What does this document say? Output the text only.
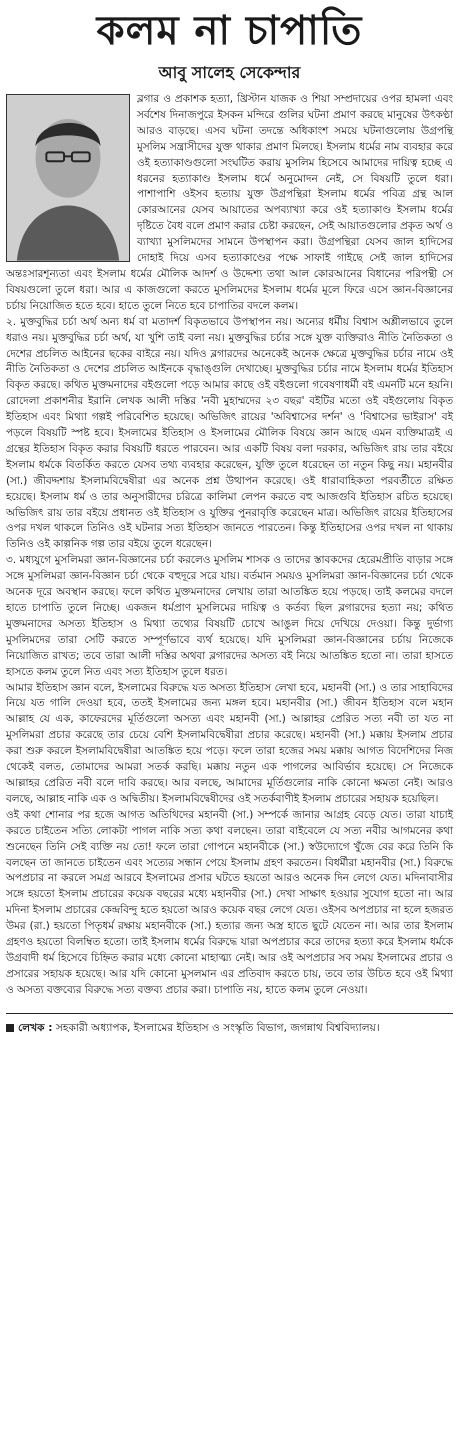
কলম না চাপাতি
আবু সালেহ সেকেন্দার

ব্লগার ও প্রকাশক হত্যা, খ্রিস্টান যাজক ও শিয়া সম্প্রদায়ের ওপর হামলা এবং সর্বশেষ দিনাজপুরে ইসকন মন্দিরে গুলির ঘটনা প্রমাণ করছে মানুষের উৎকণ্ঠা আরও বাড়ছে। এসব ঘটনা তদন্তে অধিকাংশ সময়ে ঘটনাগুলোয় উগ্রপন্থি মুসলিম সন্ত্রাসীদের যুক্ত থাকার প্রমাণ মিলছে। ইসলাম ধর্মের নাম ব্যবহার করে ওই হত্যাকাণ্ডগুলো সংঘটিত করায় মুসলিম হিসেবে আমাদের দায়িত্ব হচ্ছে এ ধরনের হত্যাকাণ্ড ইসলাম ধর্মে অনুমোদন নেই, সে বিষয়টি তুলে ধরা। পাশাপাশি ওইসব হত্যায় যুক্ত উগ্রপন্থিরা ইসলাম ধর্মের পবিত্র গ্রন্থ আল কোরআনের যেসব আয়াতের অপব্যাখ্যা করে ওই হত্যাকাণ্ড ইসলাম ধর্মের দৃষ্টিতে বৈধ বলে প্রমাণ করার চেষ্টা করছেন, সেই আয়াতগুলোর প্রকৃত অর্থ ও ব্যাখ্যা মুসলিমদের সামনে উপস্থাপন করা। উগ্রপন্থিরা যেসব জাল হাদিসের দোহাই দিয়ে এসব হত্যাকাণ্ডের পক্ষে সাফাই গাইছে সেই জাল হাদিসের অন্তঃসারশূন্যতা এবং ইসলাম ধর্মের মৌলিক আদর্শ ও উদ্দেশ্য তথা আল কোরআনের বিধানের পরিপন্থী সে বিষয়গুলো তুলে ধরা। আর এ কাজগুলো করতে মুসলিমদের ইসলাম ধর্মের মূলে ফিরে এসে জ্ঞান-বিজ্ঞানের চর্চায় নিয়োজিত হতে হবে। হাতে তুলে নিতে হবে চাপাতির বদলে কলম।

২. মুক্তবুদ্ধির চর্চা অর্থ অন্য ধর্ম বা মতাদর্শ বিকৃতভাবে উপস্থাপন নয়। অন্যের ধর্মীয় বিশ্বাস অশ্লীলভাবে তুলে ধরাও নয়। মুক্তবুদ্ধির চর্চা অর্থ, যা খুশি তাই বলা নয়। মুক্তবুদ্ধির চর্চার সঙ্গে যুক্ত ব্যক্তিরাও নীতি নৈতিকতা ও দেশের প্রচলিত আইনের ছকের বাইরে নয়। যদিও ব্লগারদের অনেকেই অনেক ক্ষেত্রে মুক্তবুদ্ধির চর্চার নামে ওই নীতি নৈতিকতা ও দেশের প্রচলিত আইনকে বৃদ্ধাঙ্গুলি দেখাচ্ছে। মুক্তবুদ্ধির চর্চার নামে ইসলাম ধর্মের ইতিহাস বিকৃত করছে। কথিত মুক্তমনাদের বইগুলো পড়ে আমার কাছে ওই বইগুলো গবেষণাধর্মী বই এমনটি মনে হয়নি। রোদেলা প্রকাশনীর ইরানি লেখক আলী দস্তির 'নবী মুহাম্মদের ২৩ বছর' বইটির মতো ওই বইগুলোয় বিকৃত ইতিহাস এবং মিথ্যা গল্পই পরিবেশিত হয়েছে। অভিজিৎ রায়ের 'অবিশ্বাসের দর্শন' ও 'বিশ্বাসের ভাইরাস' বই পড়লে বিষয়টি স্পষ্ট হবে। ইসলামের ইতিহাস ও ইসলামের মৌলিক বিষয়ে জ্ঞান আছে এমন ব্যক্তিমাত্রই এ গ্রন্থের ইতিহাস বিকৃত করার বিষয়টি ধরতে পারবেন। আর একটি বিষয় বলা দরকার, অভিজিৎ রায় তার বইয়ে ইসলাম ধর্মকে বিতর্কিত করতে যেসব তথ্য ব্যবহার করেছেন, যুক্তি তুলে ধরেছেন তা নতুন কিছু নয়। মহানবীর (সা.) জীবদ্দশায় ইসলামবিদ্বেষীরা এর অনেক প্রশ্ন উত্থাপন করেছে। ওই ধারাবাহিকতা পরবর্তীতে রক্ষিত হয়েছে। ইসলাম ধর্ম ও তার অনুসারীদের চরিত্রে কালিমা লেপন করতে বহু আজগুবি ইতিহাস রচিত হয়েছে। অভিজিৎ রায় তার বইয়ে প্রধানত ওই ইতিহাস ও যুক্তির পুনরাবৃত্তি করেছেন মাত্র। অভিজিৎ রায়ের ইতিহাসের ওপর দখল থাকলে তিনিও ওই ঘটনার সত্য ইতিহাস জানতে পারতেন। কিন্তু ইতিহাসের ওপর দখল না থাকায় তিনিও ওই কাল্পনিক গল্প তার বইয়ে তুলে ধরেছেন।

৩. মধ্যযুগে মুসলিমরা জ্ঞান-বিজ্ঞানের চর্চা করলেও মুসলিম শাসক ও তাদের স্তাবকদের হেরেমপ্রীতি বাড়ার সঙ্গে সঙ্গে মুসলিমরা জ্ঞান-বিজ্ঞান চর্চা থেকে বহুদূরে সরে যায়। বর্তমান সময়ও মুসলিমরা জ্ঞান-বিজ্ঞানের চর্চা থেকে অনেক দূরে অবস্থান করছে। ফলে কথিত মুক্তমনাদের লেখায় তারা আতঙ্কিত হয়ে পড়ছে। তাই কলমের বদলে হাতে চাপাতি তুলে নিচ্ছে। একজন ধর্মপ্রাণ মুসলিমের দায়িত্ব ও কর্তব্য ছিল ব্লগারদের হত্যা নয়; কথিত মুক্তমনাদের অসত্য ইতিহাস ও মিথ্যা তথ্যের বিষয়টি চোখে আঙুল দিয়ে দেখিয়ে দেওয়া। কিন্তু দুর্ভাগ্য মুসলিমদের তারা সেটি করতে সম্পূর্ণভাবে ব্যর্থ হয়েছে। যদি মুসলিমরা জ্ঞান-বিজ্ঞানের চর্চায় নিজেকে নিয়োজিত রাখত; তবে তারা আলী দস্তির অথবা ব্লগারদের অসত্য বই নিয়ে আতঙ্কিত হতো না। তারা হাসতে হাসতে কলম তুলে নিত এবং সত্য ইতিহাস তুলে ধরত।

আমার ইতিহাস জ্ঞান বলে, ইসলামের বিরুদ্ধে যত অসত্য ইতিহাস লেখা হবে, মহানবী (সা.) ও তার সাহাবিদের নিয়ে যত গালি দেওয়া হবে, ততই ইসলামের জন্য মঙ্গল হবে। মহানবীর (সা.) জীবন ইতিহাস বলে মহান আল্লাহ যে এক, কাফেরদের মূর্তিগুলো অসত্য এবং মহানবী (সা.) আল্লাহর প্রেরিত সত্য নবী তা যত না মুসলিমরা প্রচার করেছে তার চেয়ে বেশি ইসলামবিদ্বেষীরা প্রচার করেছে। মহানবী (সা.) মক্কায় ইসলাম প্রচার করা শুরু করলে ইসলামবিদ্বেষীরা আতঙ্কিত হয়ে পড়ে। ফলে তারা হজের সময় মক্কায় আগত বিদেশিদের নিজ থেকেই বলত, তোমাদের আমরা সতর্ক করছি। মক্কায় নতুন এক পাগলের আবির্ভাব হয়েছে। সে নিজেকে আল্লাহর প্রেরিত নবী বলে দাবি করছে। আর বলছে, আমাদের মূর্তিগুলোর নাকি কোনো ক্ষমতা নেই। আরও বলছে, আল্লাহ নাকি এক ও অদ্বিতীয়। ইসলামবিদ্বেষীদের ওই সতর্কবাণীই ইসলাম প্রচারের সহায়ক হয়েছিল।

ওই কথা শোনার পর হজে আগত অতিথিদের মহানবী (সা.) সম্পর্কে জানার আগ্রহ বেড়ে যেত। তারা যাচাই করতে চাইতেন সত্যি লোকটা পাগল নাকি সত্য কথা বলছেন। তারা বাইবেলে যে সত্য নবীর আগমনের কথা শুনেছেন তিনি সেই ব্যক্তি নয় তো! ফলে তারা গোপনে মহানবীকে (সা.) স্বউদ্যোগে খুঁজে বের করে তিনি কি বলছেন তা জানতে চাইতেন এবং সত্যের সন্ধান পেয়ে ইসলাম গ্রহণ করতেন। বিধর্মীরা মহানবীর (সা.) বিরুদ্ধে অপপ্রচার না করলে সমগ্র আরবে ইসলামের প্রসার ঘটতে হয়তো আরও অনেক দিন লেগে যেত। মদিনাবাসীর সঙ্গে হয়তো ইসলাম প্রচারের কয়েক বছরের মধ্যে মহানবীর (সা.) দেখা সাক্ষাৎ হওয়ার সুযোগ হতো না। আর মদিনা ইসলাম প্রচারের কেন্দ্রবিন্দু হতে হয়তো আরও কয়েক বছর লেগে যেত। ওইসব অপপ্রচার না হলে হজরত উমর (রা.) হয়তো পিতৃধর্ম রক্ষায় মহানবীকে (সা.) হত্যার জন্য অস্ত্র হাতে ছুটে যেতেন না। আর তার ইসলাম গ্রহণও হয়তো বিলম্বিত হতো। তাই ইসলাম ধর্মের বিরুদ্ধে যারা অপপ্রচার করে তাদের হত্যা করে ইসলাম ধর্মকে উগ্রবাদী ধর্ম হিসেবে চিহ্নিত করার মধ্যে কোনো মাহাত্ম্য নেই। আর ওই অপপ্রচার সব সময় ইসলামের প্রচার ও প্রসারের সহায়ক হয়েছে। আর যদি কোনো মুসলমান এর প্রতিবাদ করতে চায়, তবে তার উচিত হবে ওই মিথ্যা ও অসত্য বক্তব্যের বিরুদ্ধে সত্য বক্তব্য প্রচার করা। চাপাতি নয়, হাতে কলম তুলে নেওয়া।

লেখক : সহকারী অধ্যাপক, ইসলামের ইতিহাস ও সংস্কৃতি বিভাগ, জগন্নাথ বিশ্ববিদ্যালয়।
